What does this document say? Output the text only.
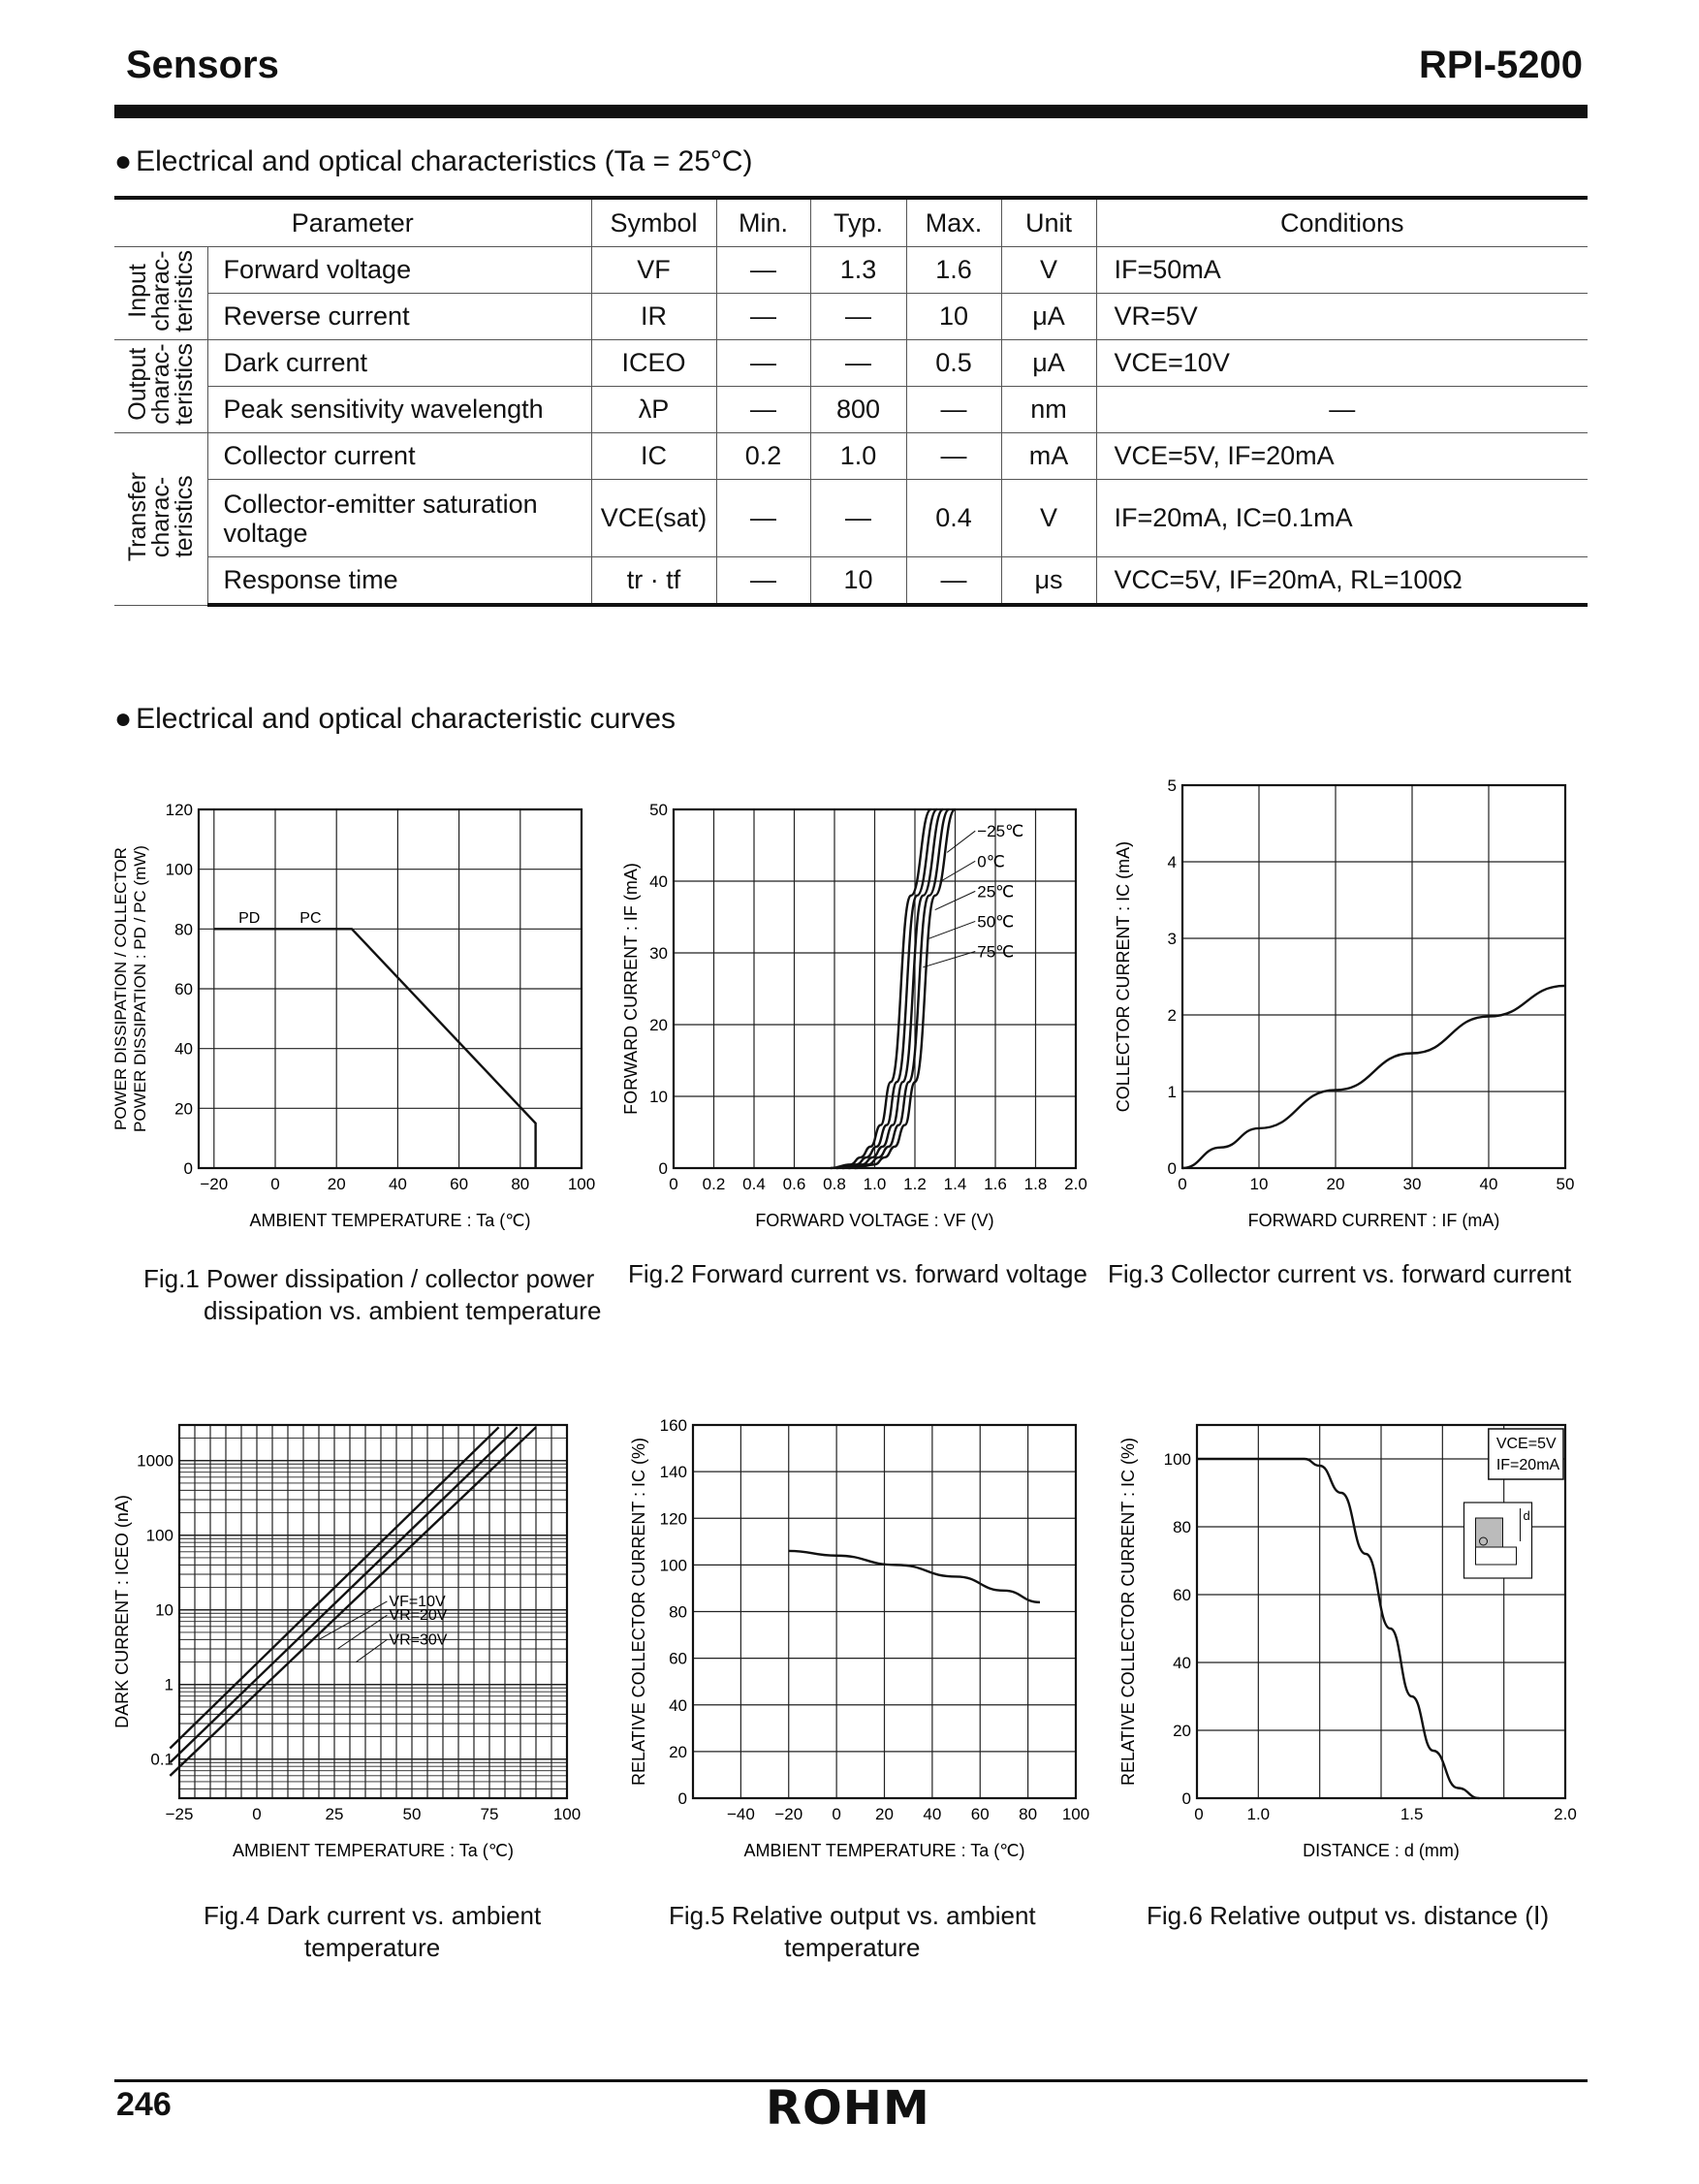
Sensors	RPI-5200
● Electrical and optical characteristics (Ta = 25°C)
Parameter		Symbol	Min.	Typ.	Max.	Unit	Conditions
Input
charac-
teristics	Forward voltage	VF	—	1.3	1.6	V	IF=50mA
	Reverse current	IR	—	—	10	μA	VR=5V
Output
charac-
teristics	Dark current	ICEO	—	—	0.5	μA	VCE=10V
	Peak sensitivity wavelength	λP	—	800	—	nm	—
Transfer
charac-
teristics	Collector current	IC	0.2	1.0	—	mA	VCE=5V, IF=20mA
	Collector-emitter saturation voltage	VCE(sat)	—	—	0.4	V	IF=20mA, IC=0.1mA
	Response time	tr · tf	—	10	—	μs	VCC=5V, IF=20mA, RL=100Ω
● Electrical and optical characteristic curves
−20	0	20	40	60	80 100
0
20
40
60
80
100
120
AMBIENT TEMPERATURE : Ta (℃)
POWER DISSIPATION / COLLECTOR POWER DISSIPATION : PD / PC (mW)	PD	PC
0 0.2 0.4 0.6 0.8 1.0 1.2 1.4 1.6 1.8 2.0
0
10
20
30
40
50
FORWARD VOLTAGE : VF (V)
FORWARD CURRENT : IF (mA)
−25℃
0℃
25℃
50℃
75℃
0	10	20	30	40	50
0
1
2
3
4
5
FORWARD CURRENT : IF (mA)
COLLECTOR CURRENT : IC (mA)
−25	0	25	50	75	100
0.1
1
10
100
1000
AMBIENT TEMPERATURE : Ta (℃)
DARK CURRENT : ICEO (nA)	VF=10V
VR=20V
VR=30V
−40 −20 0 20 40 60 80 100
0
20
40
60
80
100
120
140
160
AMBIENT TEMPERATURE : Ta (℃)
RELATIVE COLLECTOR CURRENT : IC (%)
1.0	1.5	2.0
0
20
40
60
80
100
0
DISTANCE : d (mm)
RELATIVE COLLECTOR CURRENT : IC (%)	VCE=5V
IF=20mA
d
Fig.1 Power dissipation / collector power
dissipation vs. ambient temperature
Fig.2 Forward current vs. forward voltage Fig.3 Collector current vs. forward current
Fig.4 Dark current vs. ambient
temperature
Fig.5 Relative output vs. ambient
temperature
Fig.6 Relative output vs. distance (Ⅰ)
246	ROHM
